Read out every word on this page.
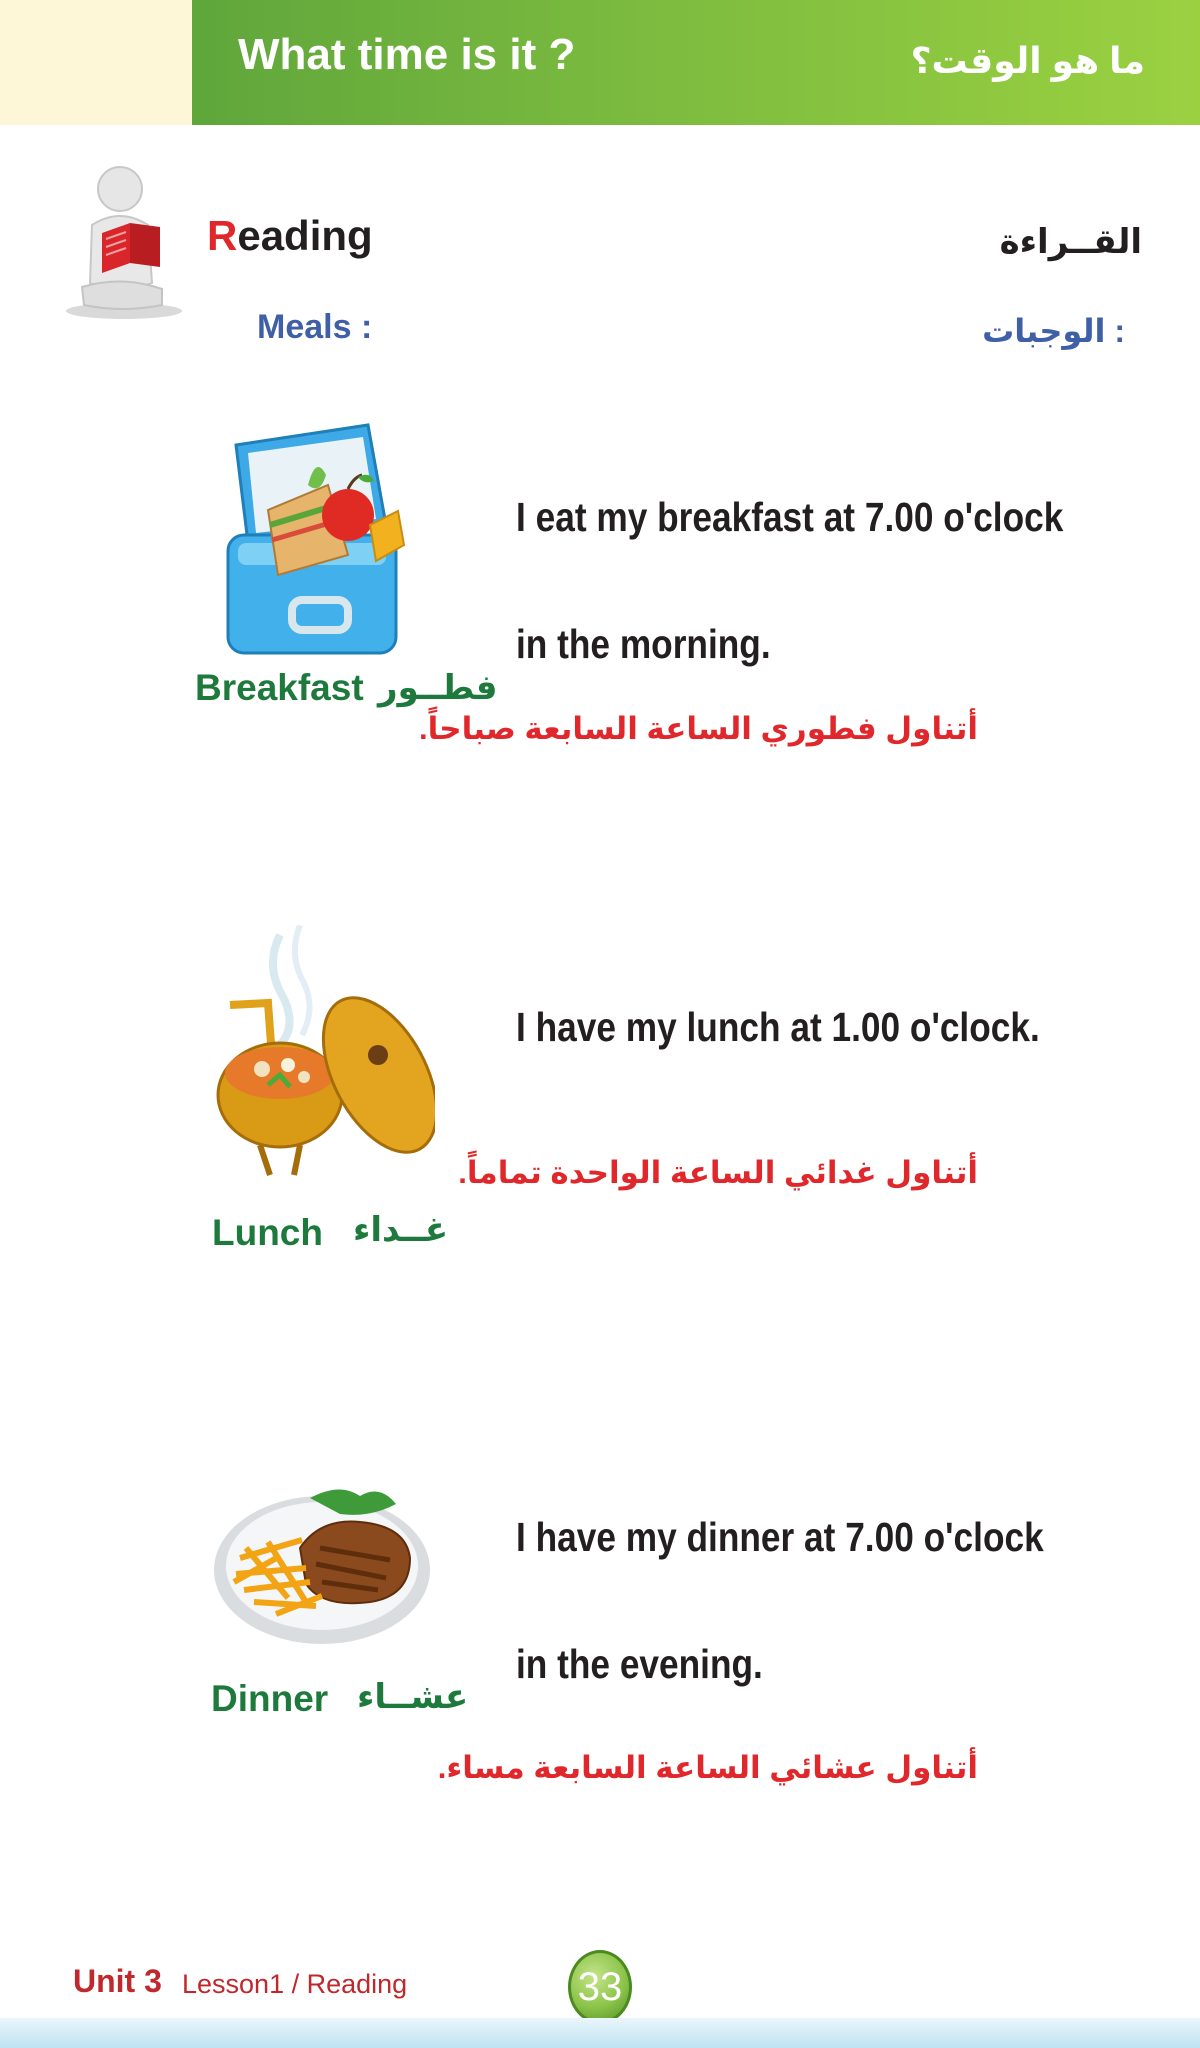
What time is it ?	ما هو الوقت؟
Reading	القــراءة
Meals :	: الوجبات
Breakfast فطــور
I eat my breakfast at 7.00 o'clock
in the morning.
أتناول فطوري الساعة السابعة صباحاً.
Lunch غــداء
I have my lunch at 1.00 o'clock.
أتناول غدائي الساعة الواحدة تماماً.
Dinner عشــاء
I have my dinner at 7.00 o'clock
in the evening.
أتناول عشائي الساعة السابعة مساء.
Unit 3 Lesson1 / Reading	33
